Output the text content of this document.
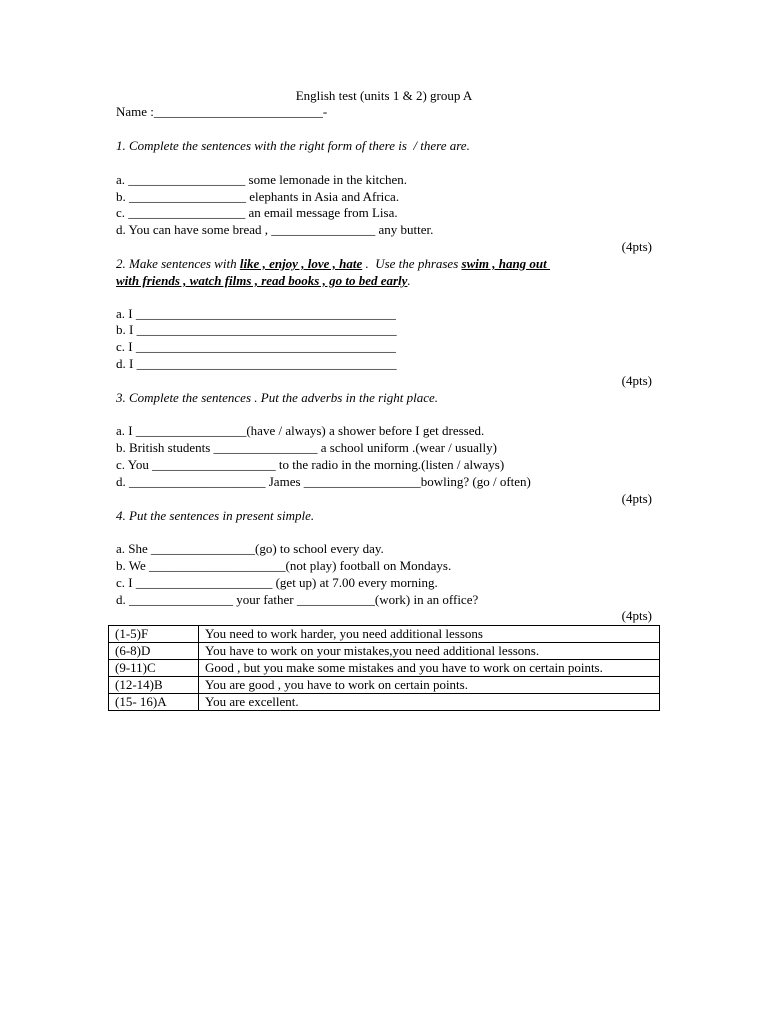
English test (units 1 & 2) group A
Name :__________________________-
1. Complete the sentences with the right form of there is  / there are.
a. __________________ some lemonade in the kitchen.
b. __________________ elephants in Asia and Africa.
c. __________________ an email message from Lisa.
d. You can have some bread , ________________ any butter.
(4pts)
2. Make sentences with like , enjoy , love , hate .  Use the phrases swim , hang out
with friends , watch films , read books , go to bed early.
a. I ________________________________________
b. I ________________________________________
c. I ________________________________________
d. I ________________________________________
(4pts)
3. Complete the sentences . Put the adverbs in the right place.
a. I _________________(have / always) a shower before I get dressed.
b. British students ________________ a school uniform .(wear / usually)
c. You ___________________ to the radio in the morning.(listen / always)
d. _____________________ James __________________bowling? (go / often)
(4pts)
4. Put the sentences in present simple.
a. She ________________(go) to school every day.
b. We _____________________(not play) football on Mondays.
c. I _____________________ (get up) at 7.00 every morning.
d. ________________ your father ____________(work) in an office?
(4pts)
(1-5)F	You need to work harder, you need additional lessons
(6-8)D	You have to work on your mistakes,you need additional lessons.
(9-11)C	Good , but you make some mistakes and you have to work on certain points.
(12-14)B	You are good , you have to work on certain points.
(15- 16)A	You are excellent.
